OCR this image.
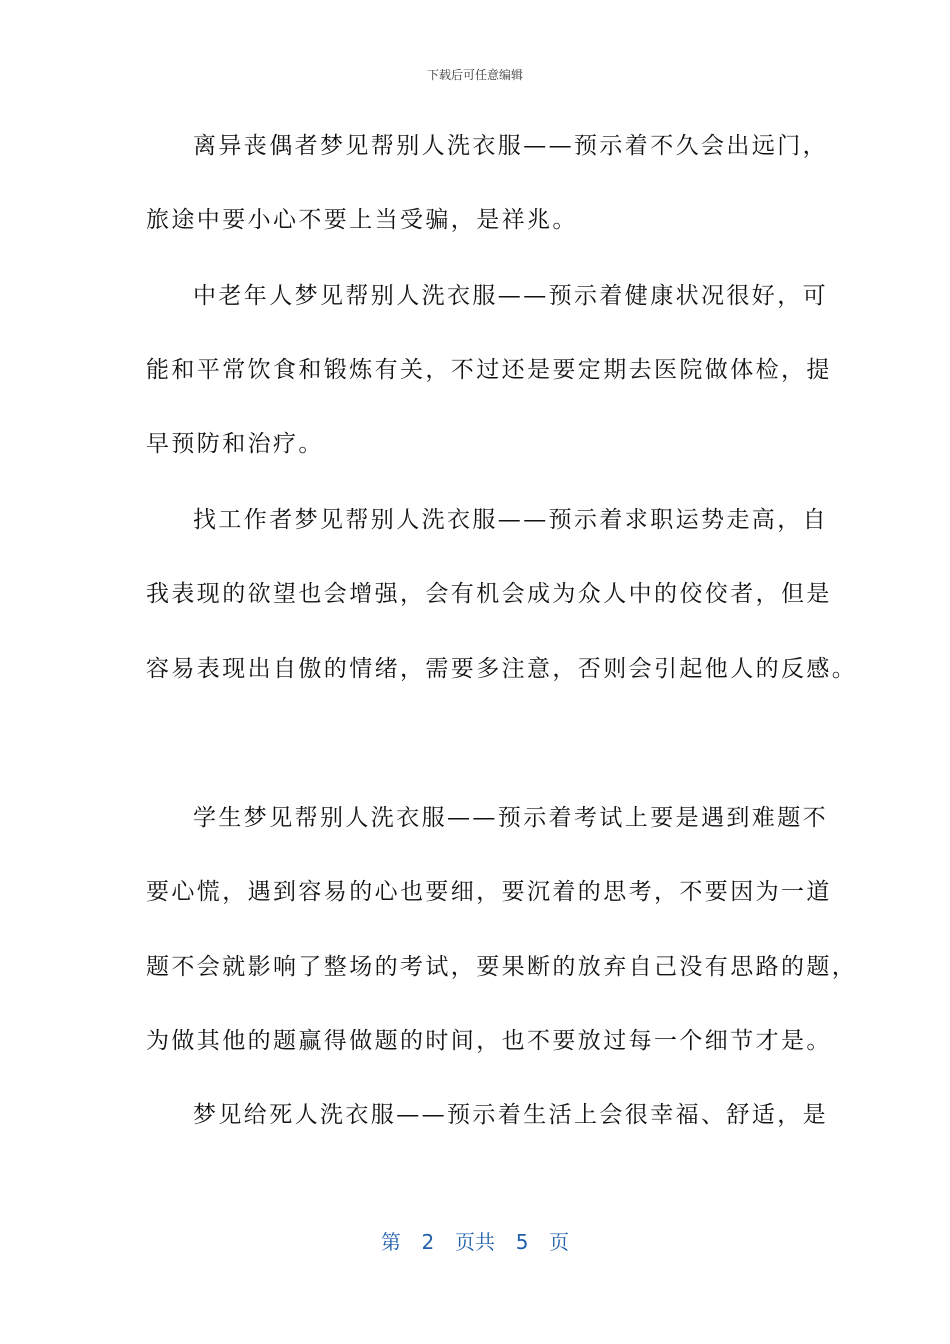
下载后可任意编辑
离异丧偶者梦见帮别人洗衣服——预示着不久会出远门，
旅途中要小心不要上当受骗，是祥兆。
中老年人梦见帮别人洗衣服——预示着健康状况很好，可
能和平常饮食和锻炼有关，不过还是要定期去医院做体检，提
早预防和治疗。
找工作者梦见帮别人洗衣服——预示着求职运势走高，自
我表现的欲望也会增强，会有机会成为众人中的佼佼者，但是
容易表现出自傲的情绪，需要多注意，否则会引起他人的反感。
学生梦见帮别人洗衣服——预示着考试上要是遇到难题不
要心慌，遇到容易的心也要细，要沉着的思考，不要因为一道
题不会就影响了整场的考试，要果断的放弃自己没有思路的题，
为做其他的题赢得做题的时间，也不要放过每一个细节才是。
梦见给死人洗衣服——预示着生活上会很幸福、舒适，是
第  2  页共  5  页
